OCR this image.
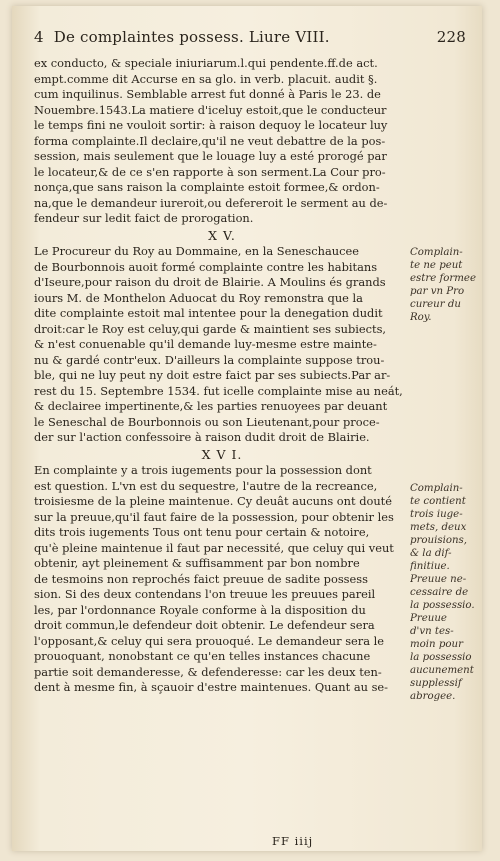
4 De complaintes possess. Liure VIII.	228
ex conducto, & speciale iniuriarum.l.qui pendente.ff.de act.
empt.comme dit Accurse en sa glo. in verb. placuit. audit §.
cum inquilinus. Semblable arrest fut donné à Paris le 23. de
Nouembre.1543.La matiere d'iceluy estoit,que le conducteur
le temps fini ne vouloit sortir: à raison dequoy le locateur luy
forma complainte.Il declaire,qu'il ne veut debattre de la pos-
session, mais seulement que le louage luy a esté prorogé par
le locateur,& de ce s'en rapporte à son serment.La Cour pro-
nonça,que sans raison la complainte estoit formee,& ordon-
na,que le demandeur iureroit,ou defereroit le serment au de-
fendeur sur ledit faict de prorogation.
X V.
Le Procureur du Roy au Dommaine, en la Seneschaucee
de Bourbonnois auoit formé complainte contre les habitans
d'Iseure,pour raison du droit de Blairie. A Moulins és grands
iours M. de Monthelon Aduocat du Roy remonstra que la
dite complainte estoit mal intentee pour la denegation dudit
droit:car le Roy est celuy,qui garde & maintient ses subiects,
& n'est conuenable qu'il demande luy-mesme estre mainte-
nu & gardé contr'eux. D'ailleurs la complainte suppose trou-
ble, qui ne luy peut ny doit estre faict par ses subiects.Par ar-
rest du 15. Septembre 1534. fut icelle complainte mise au neát,
& declairee impertinente,& les parties renuoyees par deuant
le Seneschal de Bourbonnois ou son Lieutenant,pour proce-
der sur l'action confessoire à raison dudit droit de Blairie.
X V I.
En complainte y a trois iugements pour la possession dont
est question. L'vn est du sequestre, l'autre de la recreance,
troisiesme de la pleine maintenue. Cy deuât aucuns ont douté
sur la preuue,qu'il faut faire de la possession, pour obtenir les
dits trois iugements Tous ont tenu pour certain & notoire,
qu'è pleine maintenue il faut par necessité, que celuy qui veut
obtenir, ayt pleinement & suffisamment par bon nombre
de tesmoins non reprochés faict preuue de sadite possess
sion. Si des deux contendans l'on treuue les preuues pareil
les, par l'ordonnance Royale conforme à la disposition du
droit commun,le defendeur doit obtenir. Le defendeur sera
l'opposant,& celuy qui sera prouoqué. Le demandeur sera le
prouoquant, nonobstant ce qu'en telles instances chacune
partie soit demanderesse, & defenderesse: car les deux ten-
dent à mesme fin, à sçauoir d'estre maintenues. Quant au se-
Complain-
te ne peut
estre formee
par vn Pro
cureur du
Roy.
Complain-
te contient
trois iuge-
mets, deux
prouisions,
& la dif-
finitiue.
Preuue ne-
cessaire de
la possessio.
Preuue
d'vn tes-
moin pour
la possessio
aucunement
supplessif
abrogee.
FF iiij
